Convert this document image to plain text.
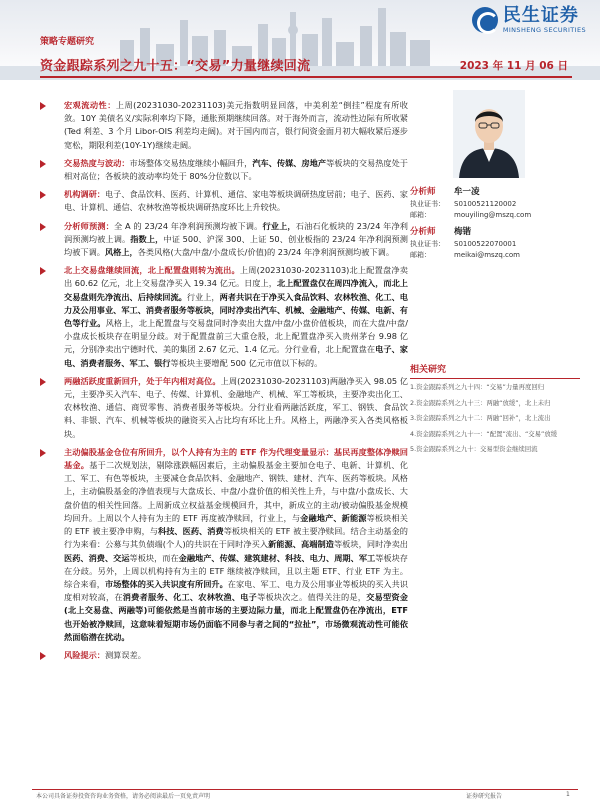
民生证券
MINSHENG SECURITIES
策略专题研究
资金跟踪系列之九十五：“交易”力量继续回流	2023 年 11 月 06 日
宏观流动性：上周(20231030-20231103)美元指数明显回落，中美利差“倒挂”程度有所收敛。10Y 美债名义/实际利率均下降，通胀预期继续回落。对于海外而言，流动性边际有所收紧(Ted 利差、3 个月 Libor-OIS 利差均走阔)。对于国内而言，银行间资金面月初大幅收紧后逐步宽松，期限利差(10Y-1Y)继续走阔。
交易热度与波动：市场整体交易热度继续小幅回升，汽车、传媒、房地产等板块的交易热度处于相对高位；各板块的波动率均处于 80%分位数以下。
机构调研：电子、食品饮料、医药、计算机、通信、家电等板块调研热度居前；电子、医药、家电、计算机、通信、农林牧渔等板块调研热度环比上升较快。
分析师预测：全 A 的 23/24 年净利润预测均被下调。行业上，石油石化板块的 23/24 年净利润预测均被上调。指数上，中证 500、沪深 300、上证 50、创业板指的 23/24 年净利润预测均被下调。风格上，各类风格(大盘/中盘/小盘成长/价值)的 23/24 年净利润预测均被下调。
北上交易盘继续回流，北上配置盘则转为流出。上周(20231030-20231103)北上配置盘净卖出 60.62 亿元，北上交易盘净买入 19.34 亿元。日度上，北上配置盘仅在周四净流入，而北上交易盘则先净流出、后持续回流。行业上，两者共识在于净买入食品饮料、农林牧渔、化工、电力及公用事业、军工、消费者服务等板块，同时净卖出汽车、机械、金融地产、传媒、电新、有色等行业。风格上，北上配置盘与交易盘同时净卖出大盘/中盘/小盘价值板块，而在大盘/中盘/小盘成长板块存在明显分歧。对于配置盘前三大重仓股，北上配置盘净买入贵州茅台 9.98 亿元，分别净卖出宁德时代、美的集团 2.67 亿元、1.4 亿元。分行业看，北上配置盘在电子、家电、消费者服务、军工、银行等板块主要增配 500 亿元市值以下标的。
两融活跃度重新回升，处于年内相对高位。上周(20231030-20231103)两融净买入 98.05 亿元，主要净买入汽车、电子、传媒、计算机、金融地产、机械、军工等板块，主要净卖出化工、农林牧渔、通信、商贸零售、消费者服务等板块。分行业看两融活跃度，军工、钢铁、食品饮料、非银、汽车、机械等板块的融资买入占比均有环比上升。风格上，两融净买入各类风格板块。
主动偏股基金仓位有所回升，以个人持有为主的 ETF 作为代理变量显示：基民再度整体净赎回基金。基于二次规划法，剔除涨跌幅因素后，主动偏股基金主要加仓电子、电新、计算机、化工、军工、有色等板块，主要减仓食品饮料、金融地产、钢铁、建材、汽车、医药等板块。风格上，主动偏股基金的净值表现与大盘成长、中盘/小盘价值的相关性上升，与中盘/小盘成长、大盘价值的相关性回落。上周新成立权益基金规模回升，其中，新成立的主动/被动偏股基金规模均回升。上周以个人持有为主的 ETF 再度被净赎回，行业上，与金融地产、新能源等板块相关的 ETF 被主要净申购，与科技、医药、消费等板块相关的 ETF 被主要净赎回。结合主动基金的行为来看：公募与其负债端(个人)的共识在于同时净买入新能源、高端制造等板块，同时净卖出医药、消费、交运等板块，而在金融地产、传媒、建筑建材、科技、电力、周期、军工等板块存在分歧。另外，上周以机构持有为主的 ETF 继续被净赎回，且以主题 ETF、行业 ETF 为主。综合来看，市场整体的买入共识度有所回升。在家电、军工、电力及公用事业等板块的买入共识度相对较高，在消费者服务、化工、农林牧渔、电子等板块次之。值得关注的是，交易型资金(北上交易盘、两融等)可能依然是当前市场的主要边际力量，而北上配置盘仍在净流出，ETF 也开始被净赎回，这意味着短期市场仍面临不同参与者之间的“拉扯”，市场微观流动性可能依然面临潜在扰动。
风险提示：测算误差。
分析师	牟一凌
执业证书：	S0100521120002
邮箱：	mouyiling@mszq.com
分析师	梅锴
执业证书：	S0100522070001
邮箱：	meikai@mszq.com
相关研究
1.资金跟踪系列之九十四：“交易”力量再度回归
2.资金跟踪系列之九十三：两融“放缓”，北上未归
3.资金跟踪系列之九十二：两融“回补”，北上流出
4.资金跟踪系列之九十一：“配置”流出、“交易”放缓
5.资金跟踪系列之九十：交易型资金继续回流
本公司具备证券投资咨询业务资格，请务必阅读最后一页免责声明	证券研究报告	1
